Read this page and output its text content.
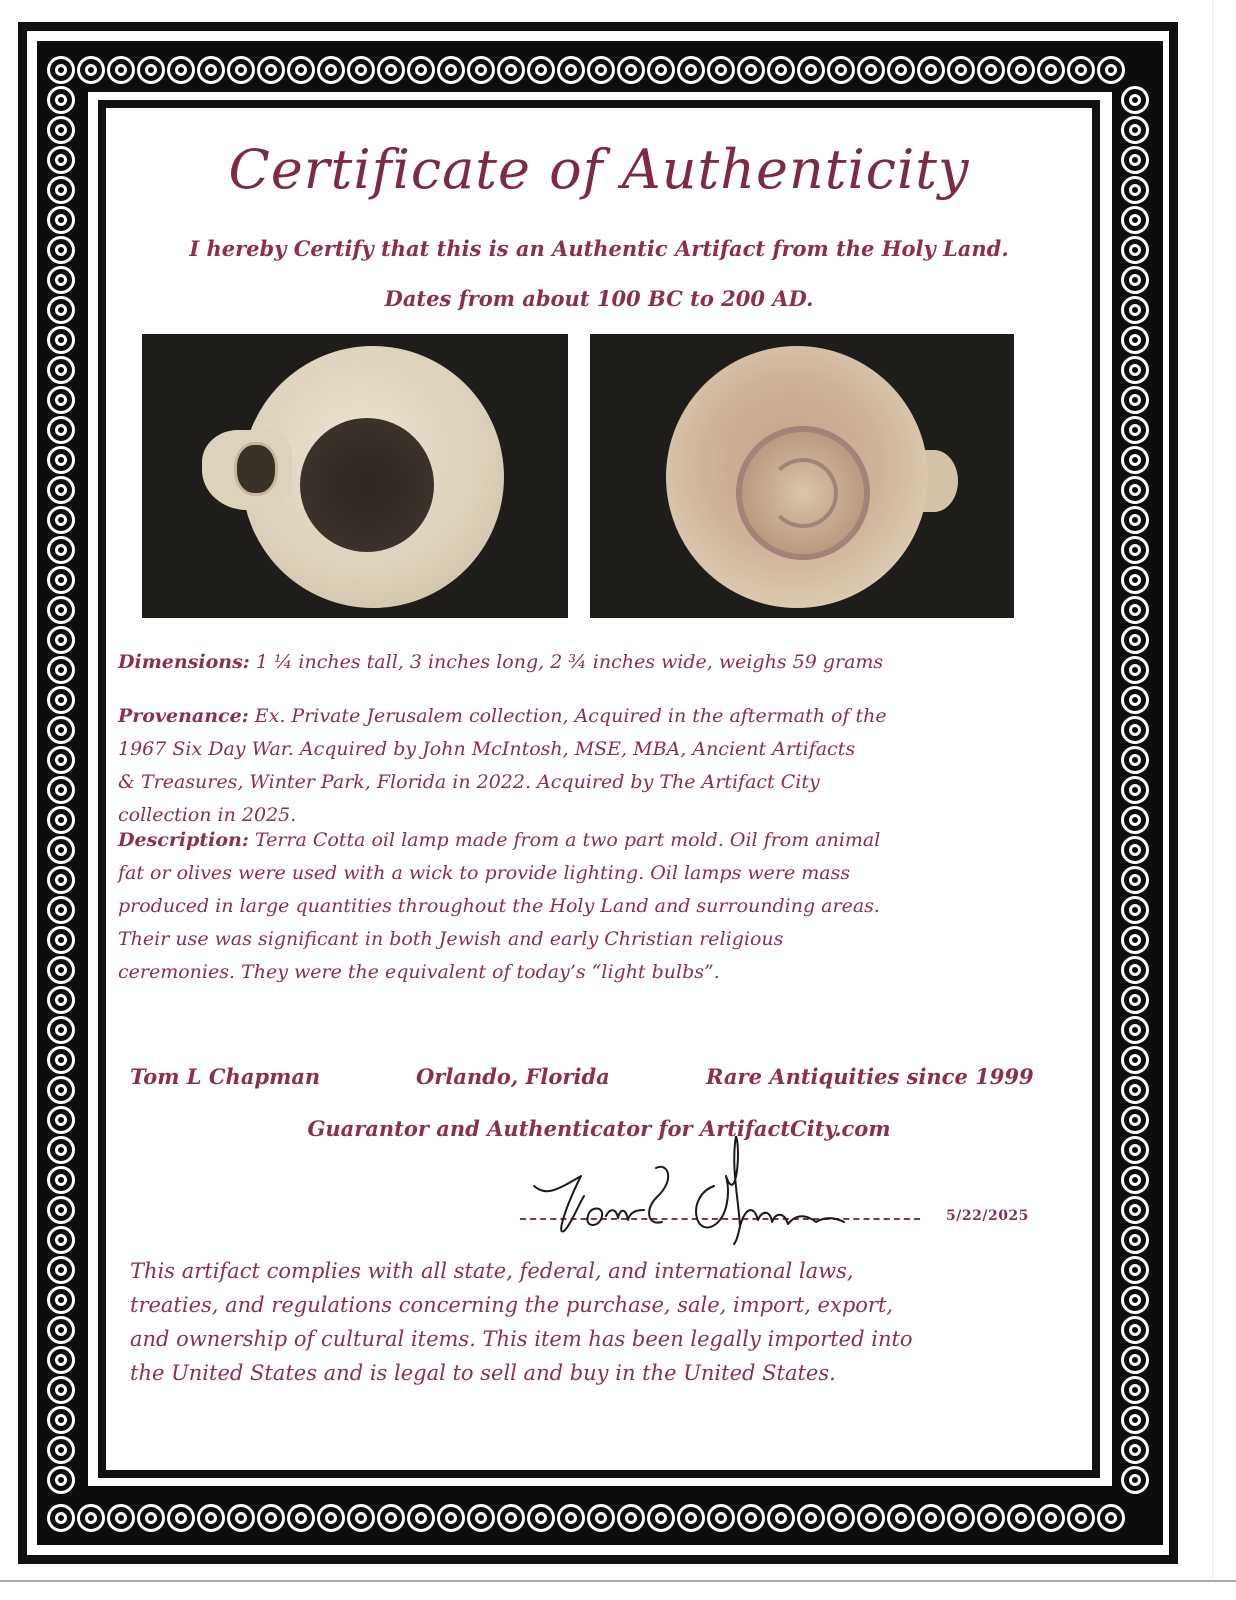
Certificate of Authenticity
I hereby Certify that this is an Authentic Artifact from the Holy Land.
Dates from about 100 BC to 200 AD.
Dimensions: 1 ¼ inches tall, 3 inches long, 2 ¾ inches wide, weighs 59 grams
Provenance: Ex. Private Jerusalem collection, Acquired in the aftermath of the
1967 Six Day War. Acquired by John McIntosh, MSE, MBA, Ancient Artifacts
& Treasures, Winter Park, Florida in 2022. Acquired by The Artifact City
collection in 2025.
Description: Terra Cotta oil lamp made from a two part mold. Oil from animal
fat or olives were used with a wick to provide lighting. Oil lamps were mass
produced in large quantities throughout the Holy Land and surrounding areas.
Their use was significant in both Jewish and early Christian religious
ceremonies. They were the equivalent of today’s “light bulbs”.
Tom L Chapman	Orlando, Florida	Rare Antiquities since 1999
Guarantor and Authenticator for ArtifactCity.com
5/22/2025
This artifact complies with all state, federal, and international laws,
treaties, and regulations concerning the purchase, sale, import, export,
and ownership of cultural items. This item has been legally imported into
the United States and is legal to sell and buy in the United States.
